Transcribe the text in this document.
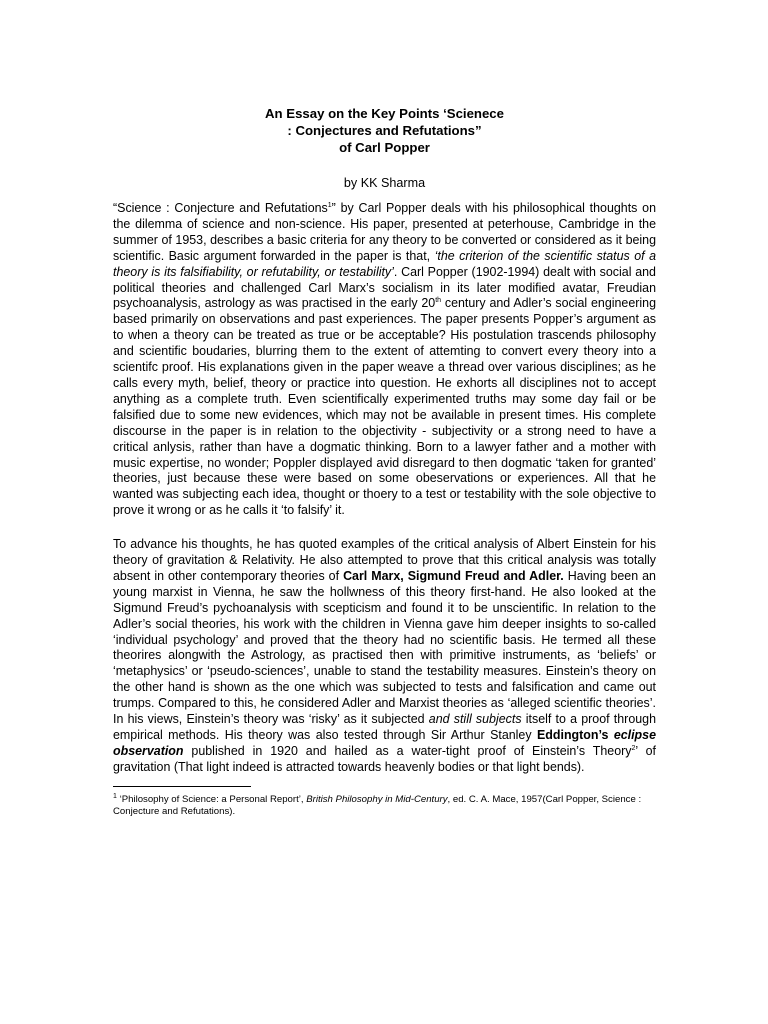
An Essay on the Key Points ‘Scienece
: Conjectures and Refutations”
of Carl Popper
by KK Sharma

“Science : Conjecture and Refutations$^1$” by Carl Popper deals with his philosophical thoughts on the dilemma of science and non-science. His paper, presented at peterhouse, Cambridge in the summer of 1953, describes a basic criteria for any theory to be converted or considered as it being scientific. Basic argument forwarded in the paper is that, ‘the criterion of the scientific status of a theory is its falsifiability, or refutability, or testability’. Carl Popper (1902-1994) dealt with social and political theories and challenged Carl Marx’s socialism in its later modified avatar, Freudian psychoanalysis, astrology as was practised in the early 20th century and Adler’s social engineering based primarily on observations and past experiences. The paper presents Popper’s argument as to when a theory can be treated as true or be acceptable? His postulation trascends philosophy and scientific boudaries, blurring them to the extent of attemting to convert every theory into a scientifc proof. His explanations given in the paper weave a thread over various disciplines; as he calls every myth, belief, theory or practice into question. He exhorts all disciplines not to accept anything as a complete truth. Even scientifically experimented truths may some day fail or be falsified due to some new evidences, which may not be available in present times. His complete discourse in the paper is in relation to the objectivity - subjectivity or a strong need to have a critical anlysis, rather than have a dogmatic thinking. Born to a lawyer father and a mother with music expertise, no wonder; Poppler displayed avid disregard to then dogmatic ‘taken for granted’ theories, just because these were based on some obeservations or experiences. All that he wanted was subjecting each idea, thought or thoery to a test or testability with the sole objective to prove it wrong or as he calls it ‘to falsify’ it.

To advance his thoughts, he has quoted examples of the critical analysis of Albert Einstein for his theory of gravitation & Relativity. He also attempted to prove that this critical analysis was totally absent in other contemporary theories of Carl Marx, Sigmund Freud and Adler. Having been an young marxist in Vienna, he saw the hollwness of this theory first-hand. He also looked at the Sigmund Freud’s pychoanalysis with scepticism and found it to be unscientific. In relation to the Adler’s social theories, his work with the children in Vienna gave him deeper insights to so-called ‘individual psychology’ and proved that the theory had no scientific basis. He termed all these theorires alongwith the Astrology, as practised then with primitive instruments, as ‘beliefs’ or ‘metaphysics’ or ‘pseudo-sciences’, unable to stand the testability measures. Einstein’s theory on the other hand is shown as the one which was subjected to tests and falsification and came out trumps. Compared to this, he considered Adler and Marxist theories as ‘alleged scientific theories’. In his views, Einstein’s theory was ‘risky’ as it subjected and still subjects itself to a proof through empirical methods. His theory was also tested through Sir Arthur Stanley Eddington’s eclipse observation published in 1920 and hailed as a water-tight proof of Einstein’s Theory$^2$’ of gravitation (That light indeed is attracted towards heavenly bodies or that light bends).

$^1$ ‘Philosophy of Science: a Personal Report’, British Philosophy in Mid-Century, ed. C. A. Mace, 1957(Carl Popper, Science : Conjecture and Refutations).
